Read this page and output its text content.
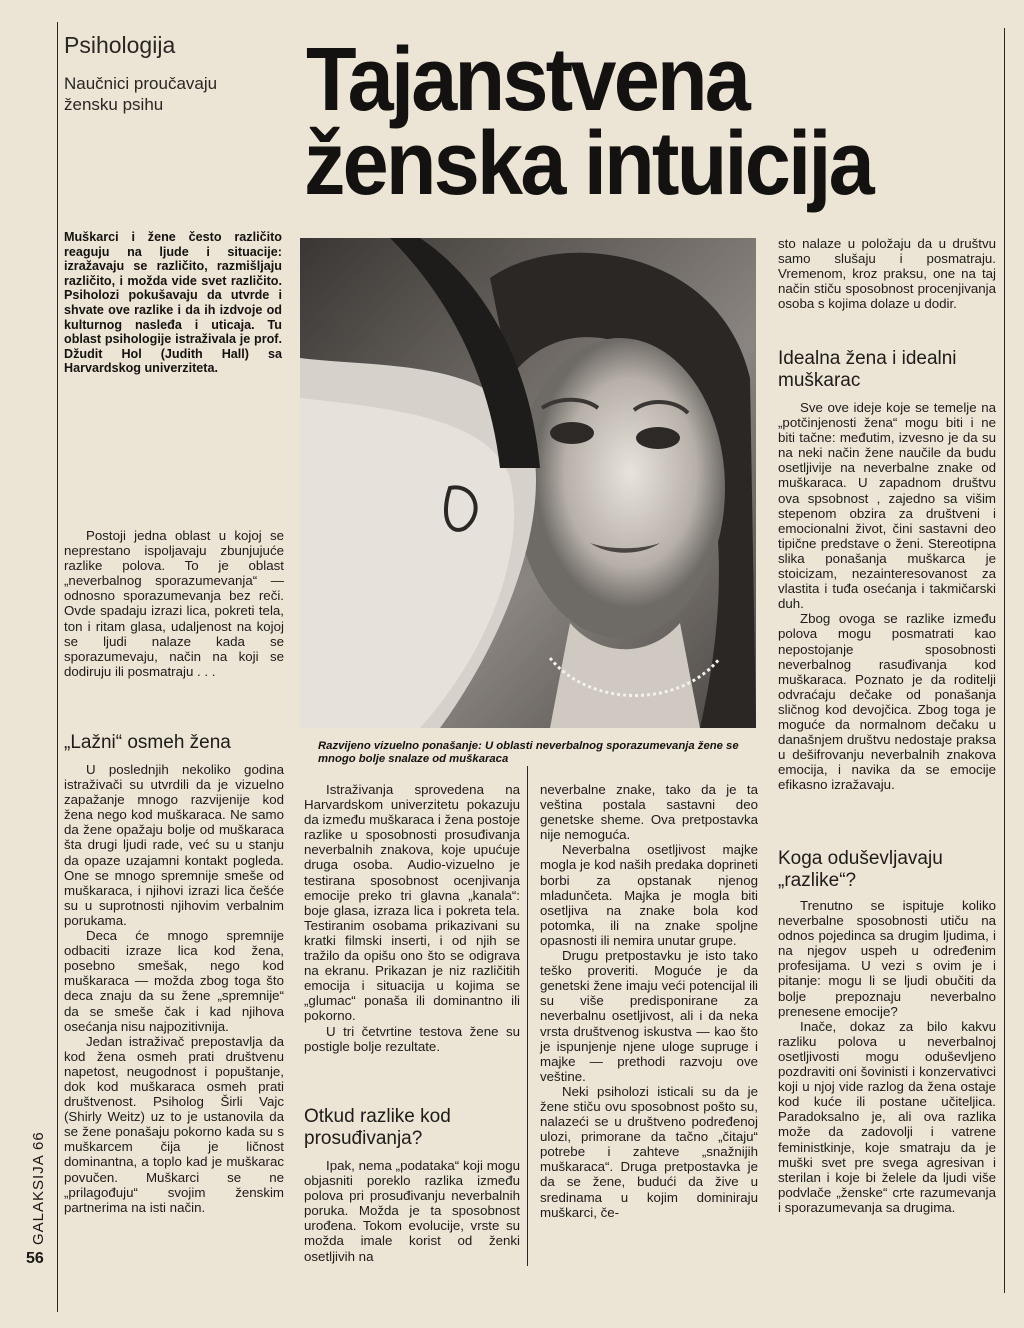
Psihologija
Naučnici proučavaju žensku psihu	Tajanstvena
ženska intuicija
Muškarci i žene često različito reaguju na ljude i situacije: izražavaju se različito, razmišljaju različito, i možda vide svet različito. Psiholozi pokušavaju da utvrde i shvate ove razlike i da ih izdvoje od kulturnog nasleđa i uticaja. Tu oblast psihologije istraživala je prof. Džudit Hol (Judith Hall) sa Harvardskog univerziteta.

Postoji jedna oblast u kojoj se neprestano ispoljavaju zbunjujuće razlike polova. To je oblast „neverbalnog sporazumevanja“ — odnosno sporazumevanja bez reči. Ovde spadaju izrazi lica, pokreti tela, ton i ritam glasa, udaljenost na kojoj se ljudi nalaze kada se sporazumevaju, način na koji se dodiruju ili posmatraju . . .

Razvijeno vizuelno ponašanje: U oblasti neverbalnog sporazumevanja žene se mnogo bolje snalaze od muškaraca
„Lažni“ osmeh žena

U poslednjih nekoliko godina istraživači su utvrdili da je vizuelno zapažanje mnogo razvijenije kod žena nego kod muškaraca. Ne samo da žene opažaju bolje od muškaraca šta drugi ljudi rade, već su u stanju da opaze uzajamni kontakt pogleda. One se mnogo spremnije smeše od muškaraca, i njihovi izrazi lica češće su u suprotnosti njihovim verbalnim porukama.

Deca će mnogo spremnije odbaciti izraze lica kod žena, posebno smešak, nego kod muškaraca — možda zbog toga što deca znaju da su žene „spremnije“ da se smeše čak i kad njihova osećanja nisu najpozitivnija.

Jedan istraživač prepostavlja da kod žena osmeh prati društvenu napetost, neugodnost i popuštanje, dok kod muškaraca osmeh prati društvenost. Psiholog Širli Vajc (Shirly Weitz) uz to je ustanovila da se žene ponašaju pokorno kada su s muškarcem čija je ličnost dominantna, a toplo kad je muškarac povučen. Muškarci se ne „prilagođuju“ svojim ženskim partnerima na isti način.

Istraživanja sprovedena na Harvardskom univerzitetu pokazuju da između muškaraca i žena postoje razlike u sposobnosti prosuđivanja neverbalnih znakova, koje upućuje druga osoba. Audio-vizuelno je testirana sposobnost ocenjivanja emocije preko tri glavna „kanala“: boje glasa, izraza lica i pokreta tela. Testiranim osobama prikazivani su kratki filmski inserti, i od njih se tražilo da opišu ono što se odigrava na ekranu. Prikazan je niz različitih emocija i situacija u kojima se „glumac“ ponaša ili dominantno ili pokorno.

U tri četvrtine testova žene su postigle bolje rezultate.

Otkud razlike kod prosuđivanja?

Ipak, nema „podataka“ koji mogu objasniti poreklo razlika između polova pri prosuđivanju neverbalnih poruka. Možda je ta sposobnost urođena. Tokom evolucije, vrste su možda imale korist od ženki osetljivih na

neverbalne znake, tako da je ta veština postala sastavni deo genetske sheme. Ova pretpostavka nije nemoguća.

Neverbalna osetljivost majke mogla je kod naših predaka doprineti borbi za opstanak njenog mladunčeta. Majka je mogla biti osetljiva na znake bola kod potomka, ili na znake spoljne opasnosti ili nemira unutar grupe.

Drugu pretpostavku je isto tako teško proveriti. Moguće je da genetski žene imaju veći potencijal ili su više predisponirane za neverbalnu osetljivost, ali i da neka vrsta društvenog iskustva — kao što je ispunjenje njene uloge supruge i majke — prethodi razvoju ove veštine.

Neki psiholozi isticali su da je žene stiču ovu sposobnost pošto su, nalazeći se u društveno podređenoj ulozi, primorane da tačno „čitaju“ potrebe i zahteve „snažnijih muškaraca“. Druga pretpostavka je da se žene, budući da žive u sredinama u kojim dominiraju muškarci, če-

sto nalaze u položaju da u društvu samo slušaju i posmatraju. Vremenom, kroz praksu, one na taj način stiču sposobnost procenjivanja osoba s kojima dolaze u dodir.

Idealna žena i idealni muškarac

Sve ove ideje koje se temelje na „potčinjenosti žena“ mogu biti i ne biti tačne: međutim, izvesno je da su na neki način žene naučile da budu osetljivije na neverbalne znake od muškaraca. U zapadnom društvu ova spsobnost , zajedno sa višim stepenom obzira za društveni i emocionalni život, čini sastavni deo tipične predstave o ženi. Stereotipna slika ponašanja muškarca je stoicizam, nezainteresovanost za vlastita i tuđa osećanja i takmičarski duh.

Zbog ovoga se razlike između polova mogu posmatrati kao nepostojanje sposobnosti neverbalnog rasuđivanja kod muškaraca. Poznato je da roditelji odvraćaju dečake od ponašanja sličnog kod devojčica. Zbog toga je moguće da normalnom dečaku u današnjem društvu nedostaje praksa u dešifrovanju neverbalnih znakova emocija, i navika da se emocije efikasno izražavaju.

Koga oduševljavaju „razlike“?

Trenutno se ispituje koliko neverbalne sposobnosti utiču na odnos pojedinca sa drugim ljudima, i na njegov uspeh u određenim profesijama. U vezi s ovim je i pitanje: mogu li se ljudi obučiti da bolje prepoznaju neverbalno prenesene emocije?

Inače, dokaz za bilo kakvu razliku polova u neverbalnoj osetljivosti mogu oduševljeno pozdraviti oni šovinisti i konzervativci koji u njoj vide razlog da žena ostaje kod kuće ili postane učiteljica. Paradoksalno je, ali ova razlika može da zadovolji i vatrene feministkinje, koje smatraju da je muški svet pre svega agresivan i sterilan i koje bi želele da ljudi više podvlače „ženske“ crte razumevanja i sporazumevanja sa drugima.

GALAKSIJA 66
56
